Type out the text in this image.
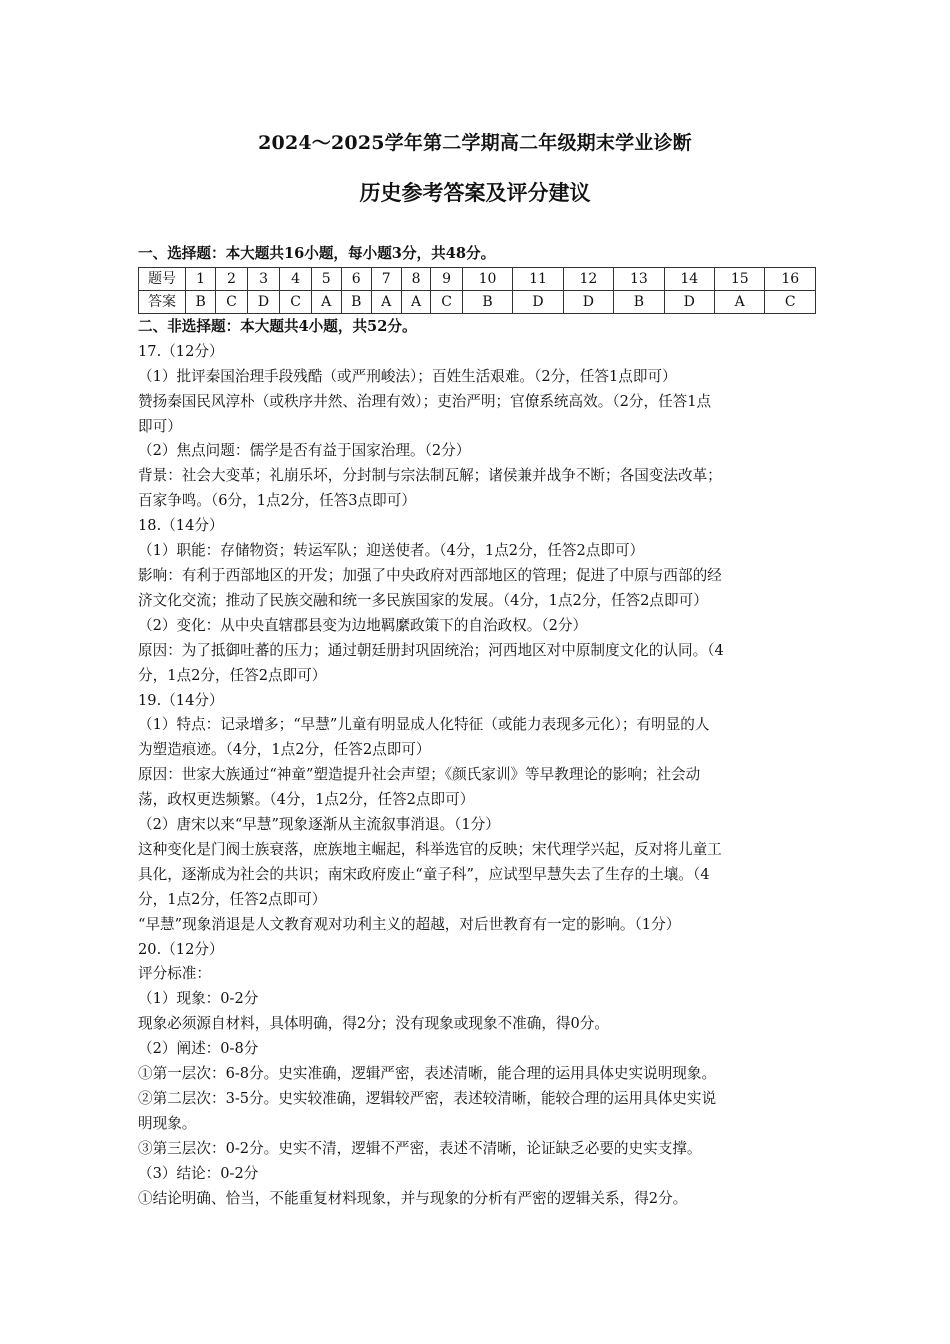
2024～2025学年第二学期高二年级期末学业诊断
历史参考答案及评分建议

一、选择题：本大题共16小题，每小题3分，共48分。

题号	1	2	3	4	5	6	7	8	9	10	11	12	13	14	15	16
答案	B	C	D	C	A	B	A	A	C	B	D	D	B	D	A	C

二、非选择题：本大题共4小题，共52分。

17.（12分）

（1）批评秦国治理手段残酷（或严刑峻法）；百姓生活艰难。（2分，任答1点即可）

赞扬秦国民风淳朴（或秩序井然、治理有效）；吏治严明；官僚系统高效。（2分，任答1点

即可）

（2）焦点问题：儒学是否有益于国家治理。（2分）

背景：社会大变革；礼崩乐坏，分封制与宗法制瓦解；诸侯兼并战争不断；各国变法改革；

百家争鸣。（6分，1点2分，任答3点即可）

18.（14分）

（1）职能：存储物资；转运军队；迎送使者。（4分，1点2分，任答2点即可）

影响：有利于西部地区的开发；加强了中央政府对西部地区的管理；促进了中原与西部的经

济文化交流；推动了民族交融和统一多民族国家的发展。（4分，1点2分，任答2点即可）

（2）变化：从中央直辖郡县变为边地羁縻政策下的自治政权。（2分）

原因：为了抵御吐蕃的压力；通过朝廷册封巩固统治；河西地区对中原制度文化的认同。（4

分，1点2分，任答2点即可）

19.（14分）

（1）特点：记录增多；“早慧”儿童有明显成人化特征（或能力表现多元化）；有明显的人

为塑造痕迹。（4分，1点2分，任答2点即可）

原因：世家大族通过“神童”塑造提升社会声望；《颜氏家训》等早教理论的影响；社会动

荡，政权更迭频繁。（4分，1点2分，任答2点即可）

（2）唐宋以来“早慧”现象逐渐从主流叙事消退。（1分）

这种变化是门阀士族衰落，庶族地主崛起，科举选官的反映；宋代理学兴起，反对将儿童工

具化，逐渐成为社会的共识；南宋政府废止“童子科”，应试型早慧失去了生存的土壤。（4

分，1点2分，任答2点即可）

“早慧”现象消退是人文教育观对功利主义的超越，对后世教育有一定的影响。（1分）

20.（12分）

评分标准：

（1）现象：0-2分

现象必须源自材料，具体明确，得2分；没有现象或现象不准确，得0分。

（2）阐述：0-8分

①第一层次：6-8分。史实准确，逻辑严密，表述清晰，能合理的运用具体史实说明现象。

②第二层次：3-5分。史实较准确，逻辑较严密，表述较清晰，能较合理的运用具体史实说

明现象。

③第三层次：0-2分。史实不清，逻辑不严密，表述不清晰，论证缺乏必要的史实支撑。

（3）结论：0-2分

①结论明确、恰当，不能重复材料现象，并与现象的分析有严密的逻辑关系，得2分。
